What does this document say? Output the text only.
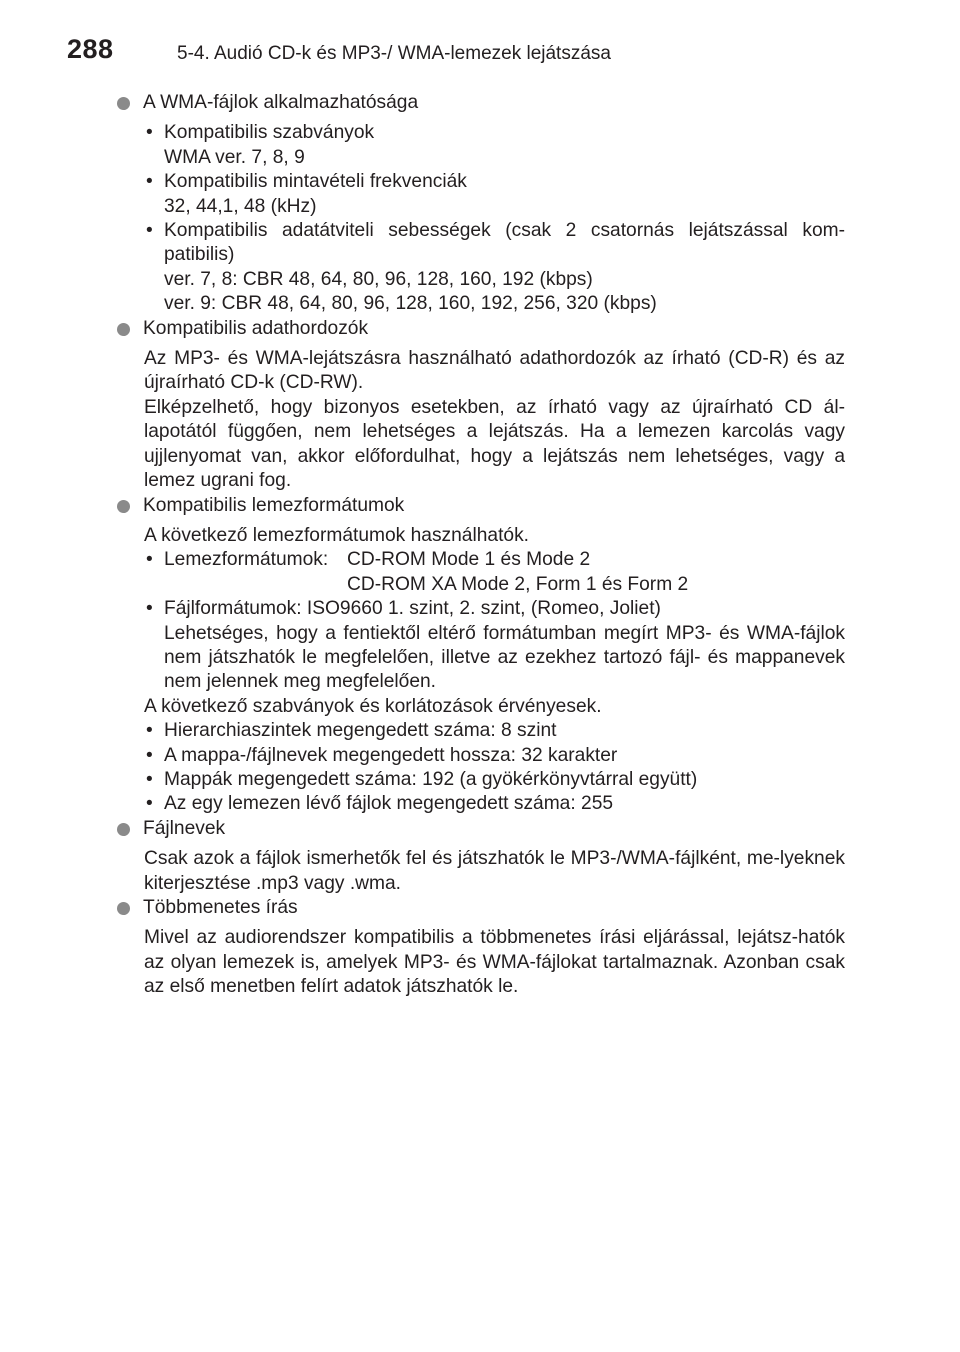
288	5-4. Audió CD-k és MP3-/ WMA-lemezek lejátszása
A WMA-fájlok alkalmazhatósága
• Kompatibilis szabványok
WMA ver. 7, 8, 9
• Kompatibilis mintavételi frekvenciák
32, 44,1, 48 (kHz)
• Kompatibilis adatátviteli sebességek (csak 2 csatornás lejátszással kom-patibilis)
ver. 7, 8: CBR 48, 64, 80, 96, 128, 160, 192 (kbps)
ver. 9: CBR 48, 64, 80, 96, 128, 160, 192, 256, 320 (kbps)
Kompatibilis adathordozók

Az MP3- és WMA-lejátszásra használható adathordozók az írható (CD-R) és az újraírható CD-k (CD-RW).

Elképzelhető, hogy bizonyos esetekben, az írható vagy az újraírható CD ál-lapotától függően, nem lehetséges a lejátszás. Ha a lemezen karcolás vagy ujjlenyomat van, akkor előfordulhat, hogy a lejátszás nem lehetséges, vagy a lemez ugrani fog.

Kompatibilis lemezformátumok

A következő lemezformátumok használhatók.

• Lemezformátumok: CD-ROM Mode 1 és Mode 2
CD-ROM XA Mode 2, Form 1 és Form 2
• Fájlformátumok: ISO9660 1. szint, 2. szint, (Romeo, Joliet)
Lehetséges, hogy a fentiektől eltérő formátumban megírt MP3- és WMA-fájlok nem játszhatók le megfelelően, illetve az ezekhez tartozó fájl- és mappanevek nem jelennek meg megfelelően.

A következő szabványok és korlátozások érvényesek.

• Hierarchiaszintek megengedett száma: 8 szint
• A mappa-/fájlnevek megengedett hossza: 32 karakter
• Mappák megengedett száma: 192 (a gyökérkönyvtárral együtt)
• Az egy lemezen lévő fájlok megengedett száma: 255
Fájlnevek

Csak azok a fájlok ismerhetők fel és játszhatók le MP3-/WMA-fájlként, me-lyeknek kiterjesztése .mp3 vagy .wma.

Többmenetes írás

Mivel az audiorendszer kompatibilis a többmenetes írási eljárással, lejátsz-hatók az olyan lemezek is, amelyek MP3- és WMA-fájlokat tartalmaznak. Azonban csak az első menetben felírt adatok játszhatók le.
